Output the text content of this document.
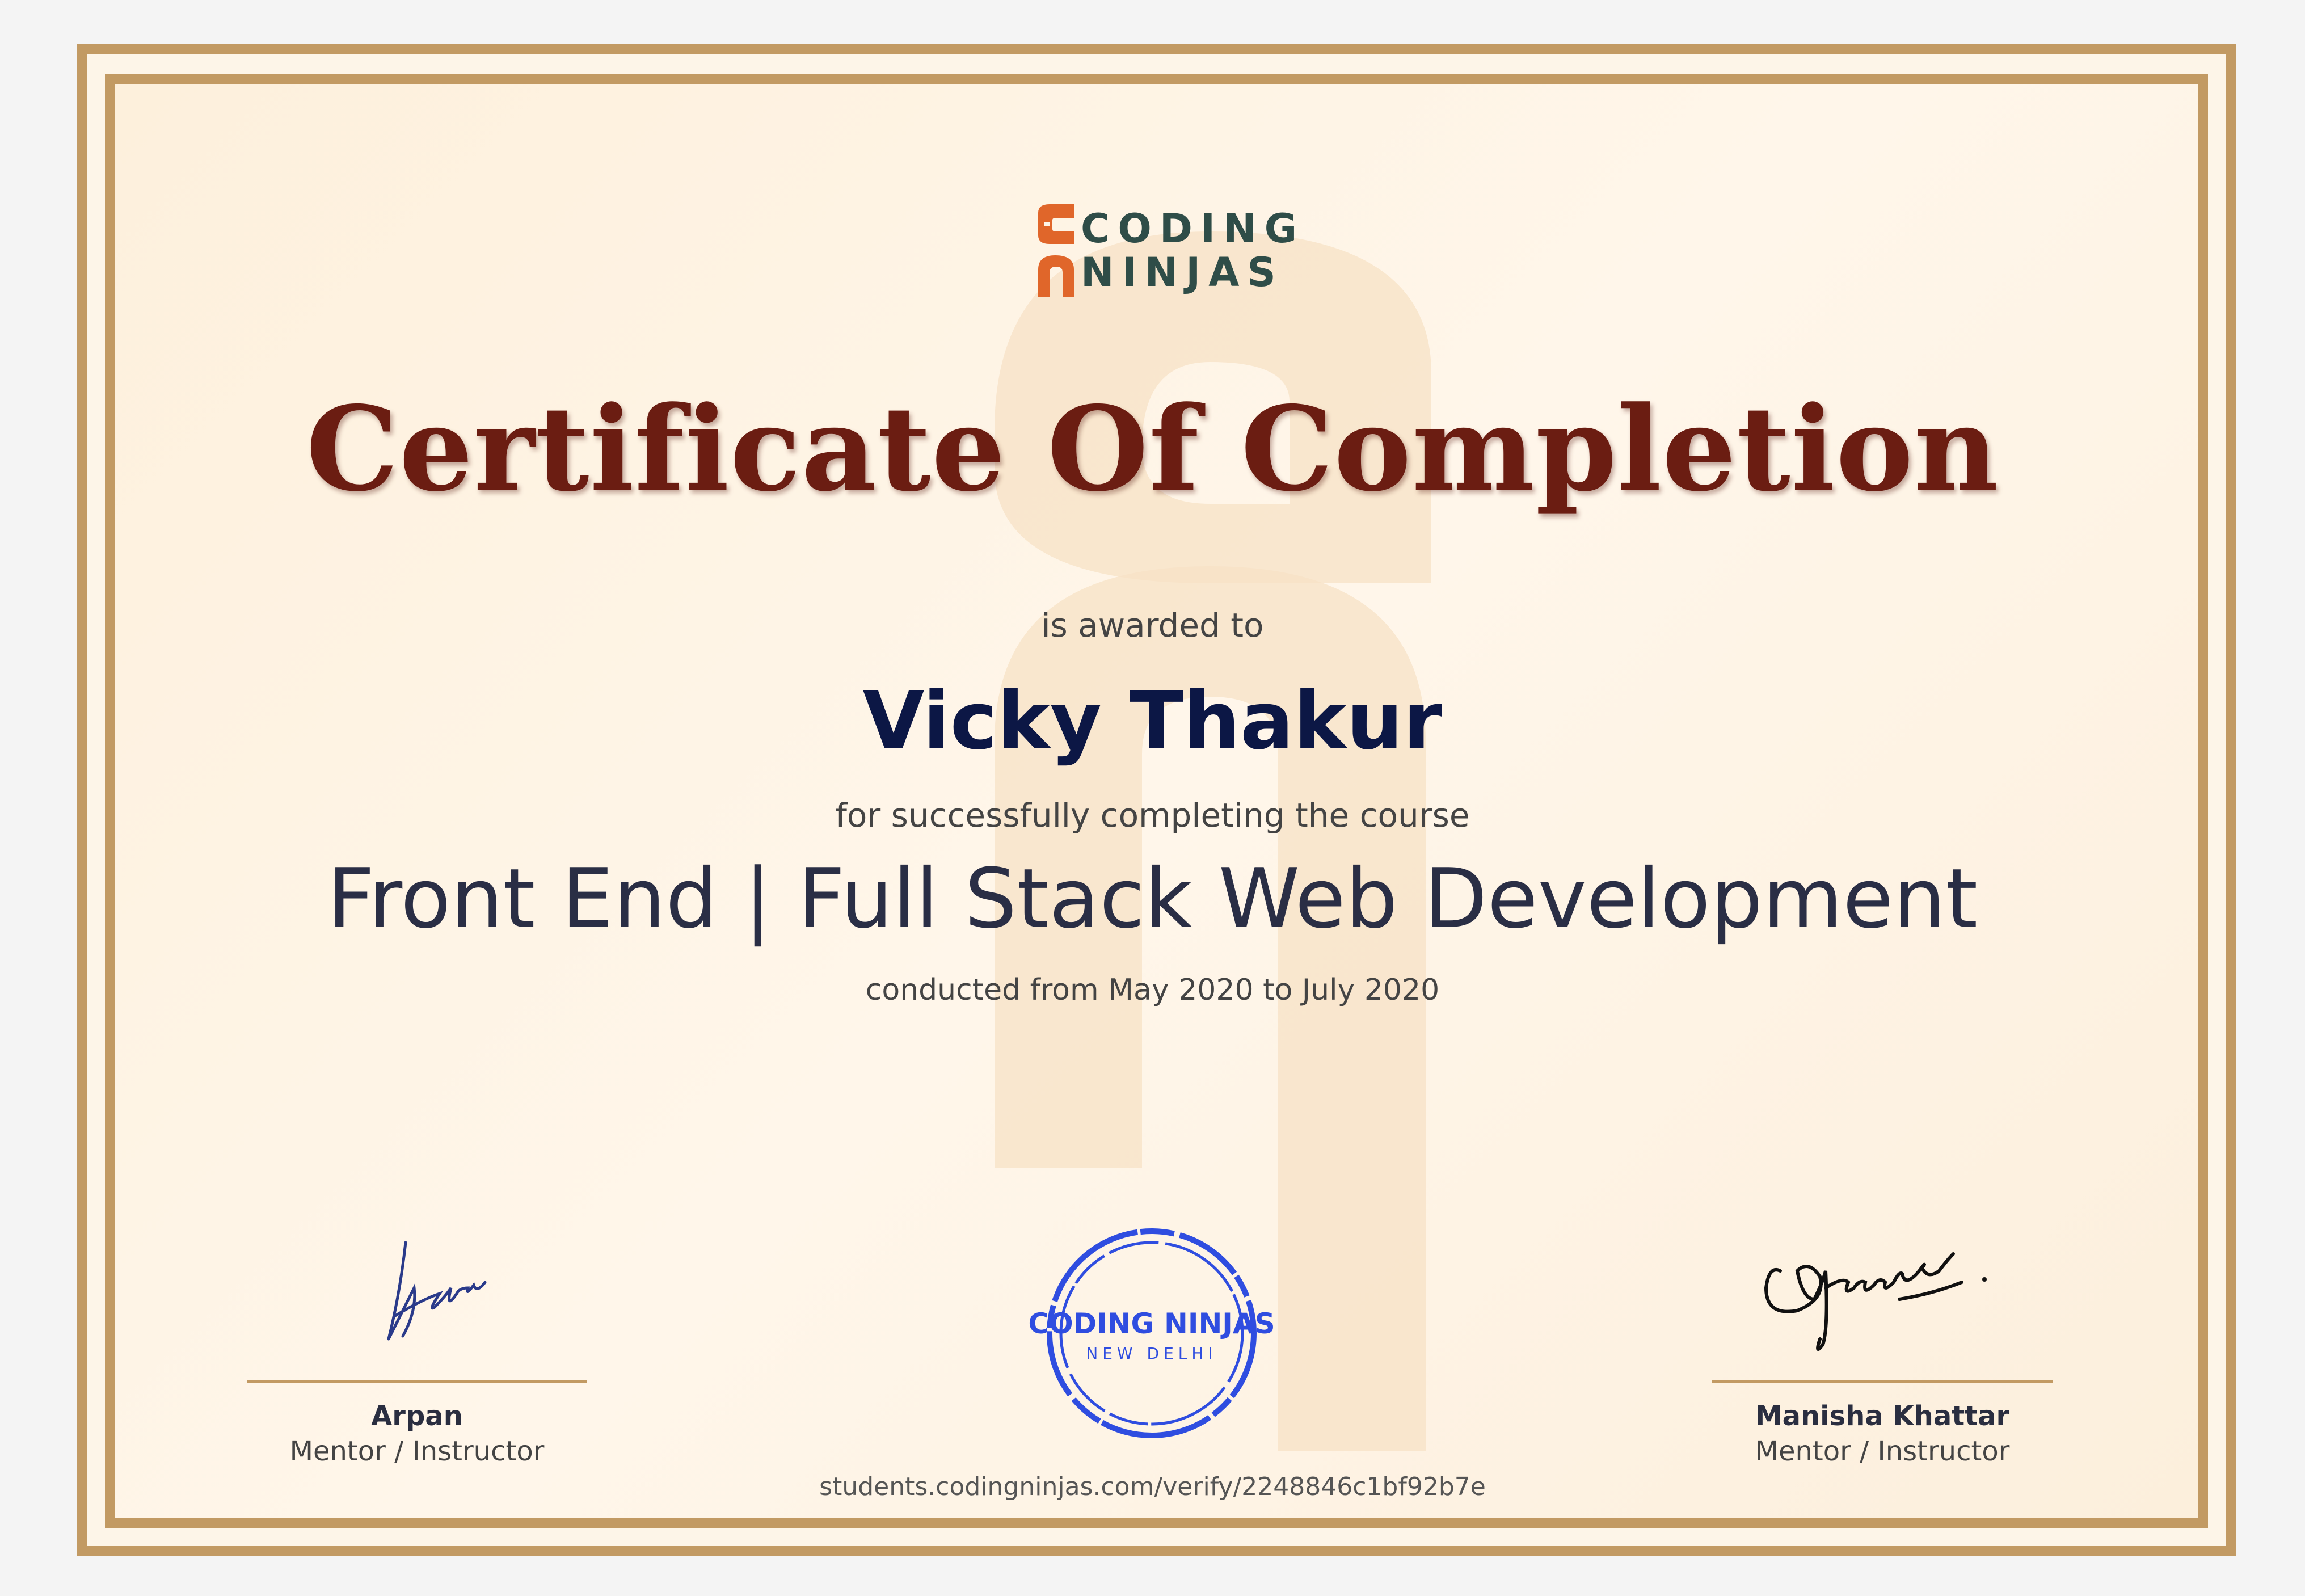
CODING
NINJAS
Certificate Of Completion
is awarded to
Vicky Thakur
for successfully completing the course
Front End | Full Stack Web Development
conducted from May 2020 to July 2020
Arpan
Mentor / Instructor
CODING NINJAS
NEW DELHI
Manisha Khattar
Mentor / Instructor
students.codingninjas.com/verify/2248846c1bf92b7e
